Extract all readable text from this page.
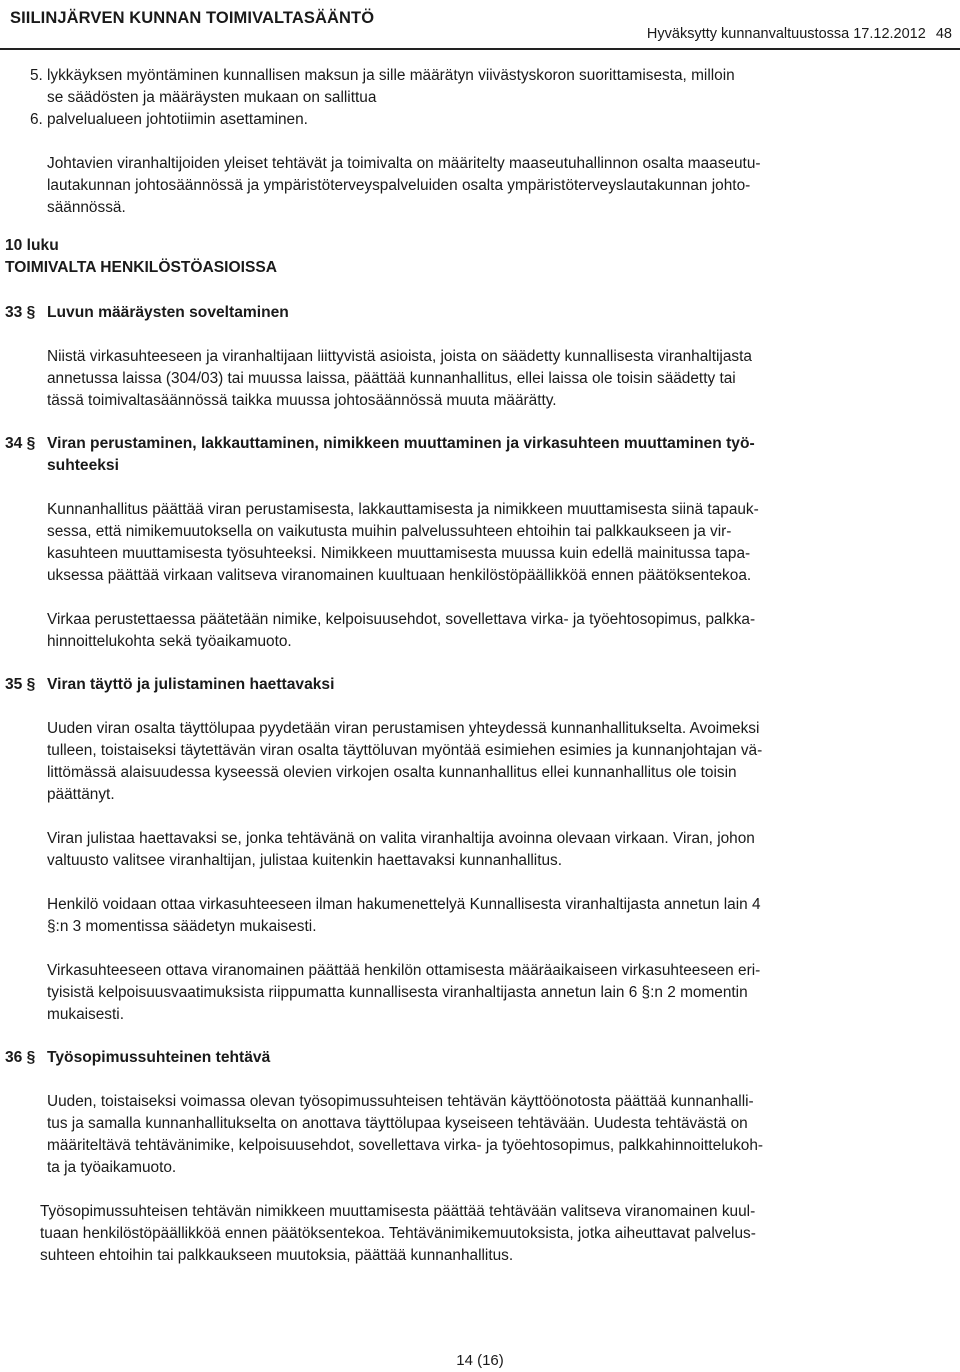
SIILINJÄRVEN KUNNAN TOIMIVALTASÄÄNTÖ
Hyväksytty kunnanvaltuustossa 17.12.2012 48
5. lykkäyksen myöntäminen kunnallisen maksun ja sille määrätyn viivästyskoron suorittamisesta, milloin
se säädösten ja määräysten mukaan on sallittua
6. palvelualueen johtotiimin asettaminen.
Johtavien viranhaltijoiden yleiset tehtävät ja toimivalta on määritelty maaseutuhallinnon osalta maaseutu-
lautakunnan johtosäännössä ja ympäristöterveyspalveluiden osalta ympäristöterveyslautakunnan johto-
säännössä.
10 luku
TOIMIVALTA HENKILÖSTÖASIOISSA
33 § Luvun määräysten soveltaminen
Niistä virkasuhteeseen ja viranhaltijaan liittyvistä asioista, joista on säädetty kunnallisesta viranhaltijasta
annetussa laissa (304/03) tai muussa laissa, päättää kunnanhallitus, ellei laissa ole toisin säädetty tai
tässä toimivaltasäännössä taikka muussa johtosäännössä muuta määrätty.
34 § Viran perustaminen, lakkauttaminen, nimikkeen muuttaminen ja virkasuhteen muuttaminen työ-
suhteeksi
Kunnanhallitus päättää viran perustamisesta, lakkauttamisesta ja nimikkeen muuttamisesta siinä tapauk-
sessa, että nimikemuutoksella on vaikutusta muihin palvelussuhteen ehtoihin tai palkkaukseen ja vir-
kasuhteen muuttamisesta työsuhteeksi. Nimikkeen muuttamisesta muussa kuin edellä mainitussa tapa-
uksessa päättää virkaan valitseva viranomainen kuultuaan henkilöstöpäällikköä ennen päätöksentekoa.
Virkaa perustettaessa päätetään nimike, kelpoisuusehdot, sovellettava virka- ja työehtosopimus, palkka-
hinnoittelukohta sekä työaikamuoto.
35 § Viran täyttö ja julistaminen haettavaksi
Uuden viran osalta täyttölupaa pyydetään viran perustamisen yhteydessä kunnanhallitukselta. Avoimeksi
tulleen, toistaiseksi täytettävän viran osalta täyttöluvan myöntää esimiehen esimies ja kunnanjohtajan vä-
littömässä alaisuudessa kyseessä olevien virkojen osalta kunnanhallitus ellei kunnanhallitus ole toisin
päättänyt.
Viran julistaa haettavaksi se, jonka tehtävänä on valita viranhaltija avoinna olevaan virkaan. Viran, johon
valtuusto valitsee viranhaltijan, julistaa kuitenkin haettavaksi kunnanhallitus.
Henkilö voidaan ottaa virkasuhteeseen ilman hakumenettelyä Kunnallisesta viranhaltijasta annetun lain 4
§:n 3 momentissa säädetyn mukaisesti.
Virkasuhteeseen ottava viranomainen päättää henkilön ottamisesta määräaikaiseen virkasuhteeseen eri-
tyisistä kelpoisuusvaatimuksista riippumatta kunnallisesta viranhaltijasta annetun lain 6 §:n 2 momentin
mukaisesti.
36 § Työsopimussuhteinen tehtävä
Uuden, toistaiseksi voimassa olevan työsopimussuhteisen tehtävän käyttöönotosta päättää kunnanhalli-
tus ja samalla kunnanhallitukselta on anottava täyttölupaa kyseiseen tehtävään. Uudesta tehtävästä on
määriteltävä tehtävänimike, kelpoisuusehdot, sovellettava virka- ja työehtosopimus, palkkahinnoittelukoh-
ta ja työaikamuoto.
Työsopimussuhteisen tehtävän nimikkeen muuttamisesta päättää tehtävään valitseva viranomainen kuul-
tuaan henkilöstöpäällikköä ennen päätöksentekoa. Tehtävänimikemuutoksista, jotka aiheuttavat palvelus-
suhteen ehtoihin tai palkkaukseen muutoksia, päättää kunnanhallitus.
14 (16)
